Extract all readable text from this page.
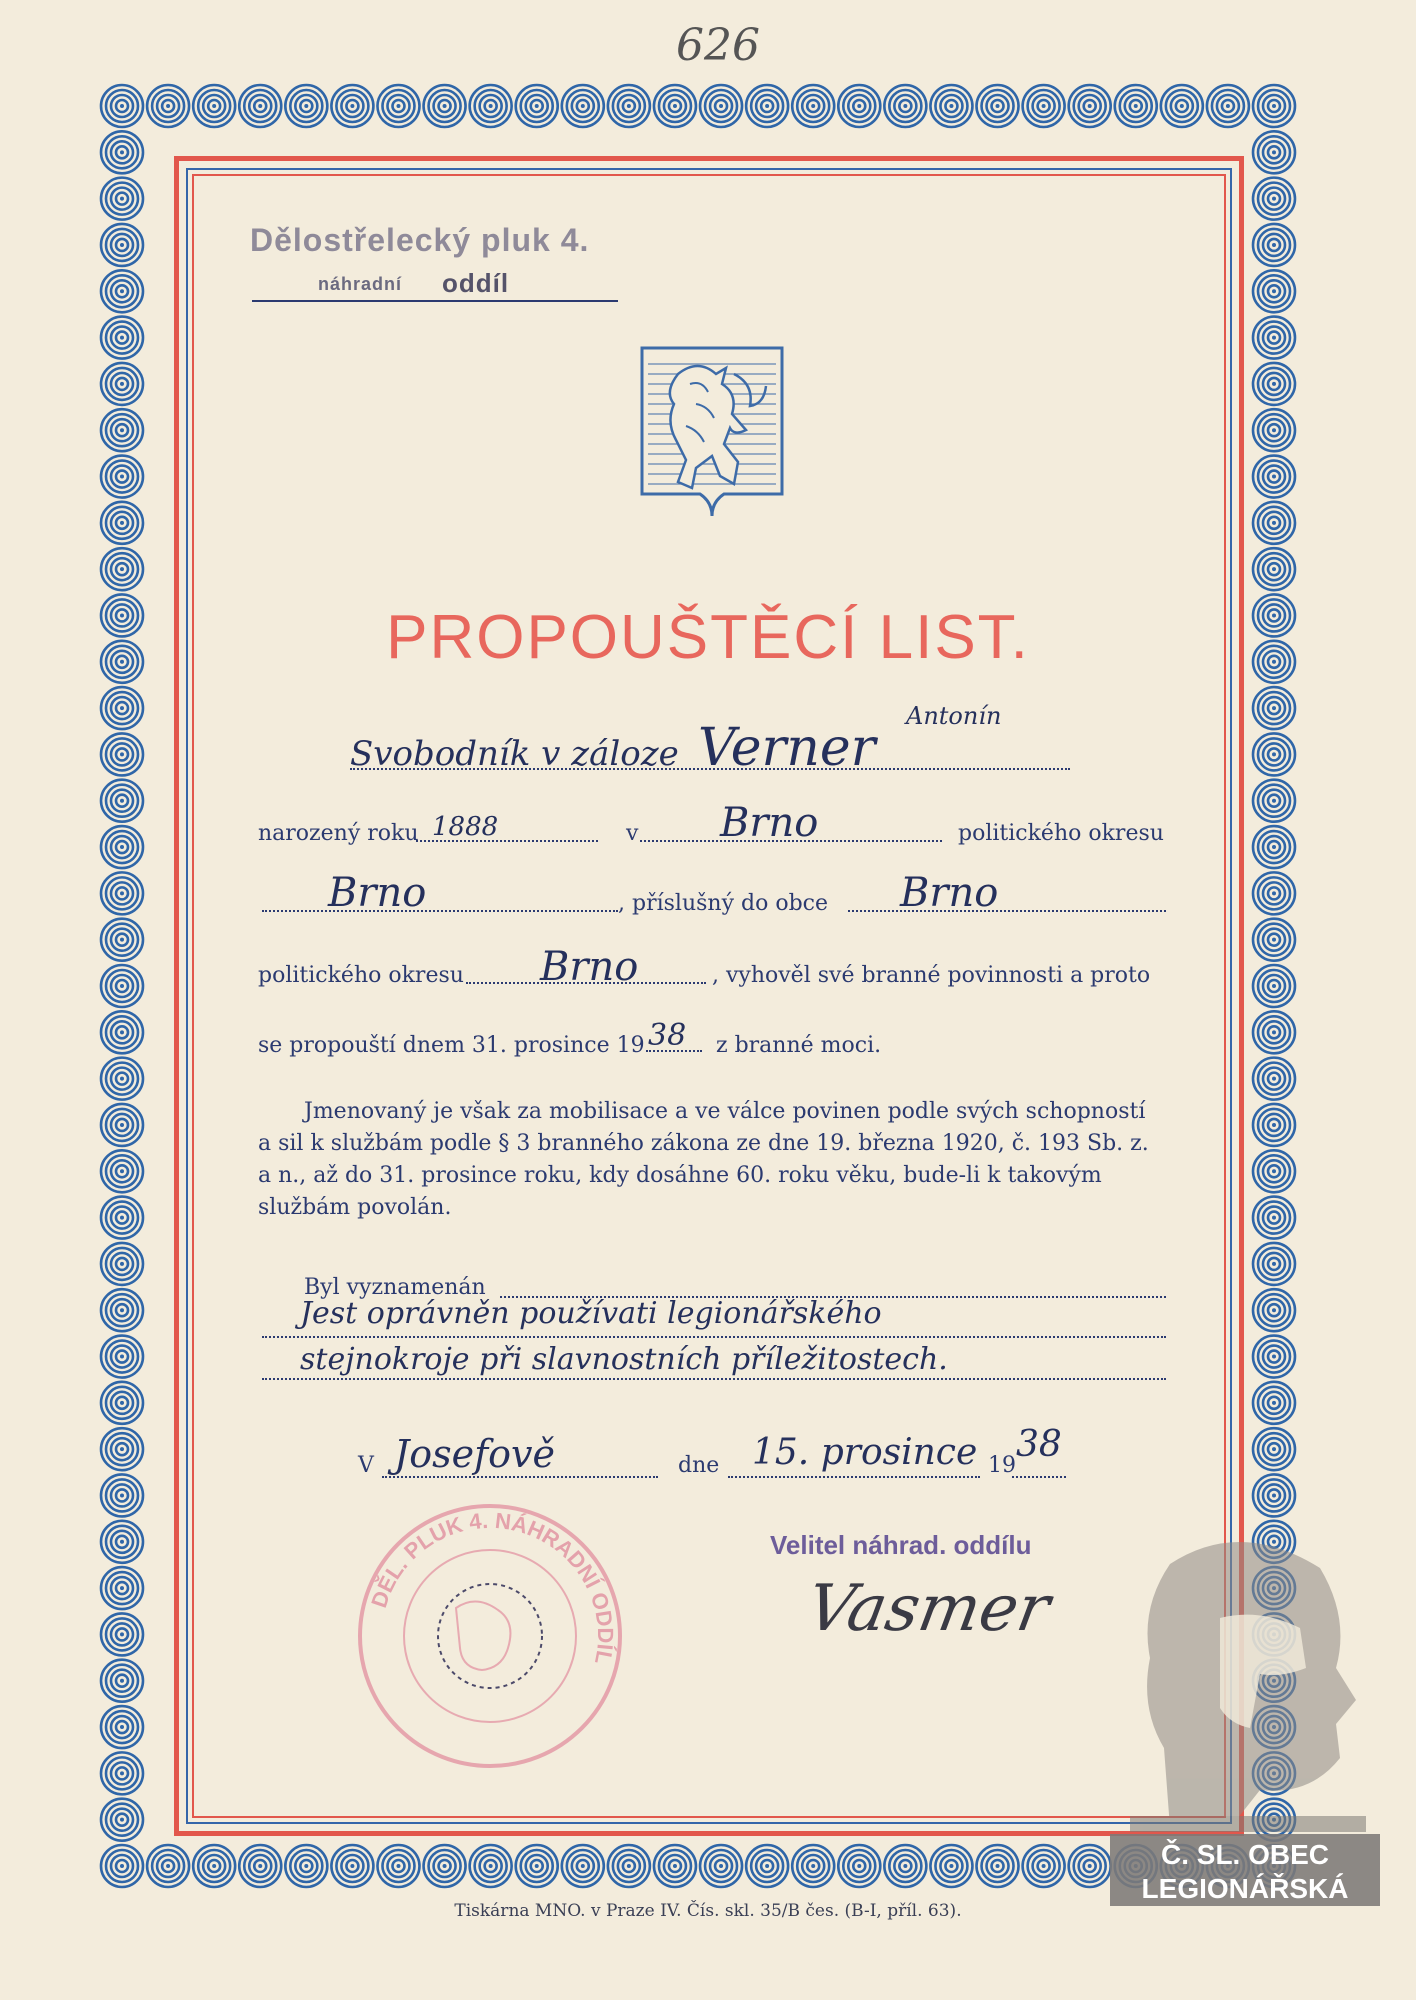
626
Dělostřelecký pluk 4.
náhradní oddíl
PROPOUŠTĚCÍ LIST.
Svobodník v záloze Verner
Antonín
narozený roku 1888	v Brno	politického okresu
Brno	, příslušný do obce Brno
politického okresu Brno	, vyhověl své branné povinnosti a proto
se propouští dnem 31. prosince 19 38 z branné moci.
Jmenovaný je však za mobilisace a ve válce povinen podle svých schopností
a sil k službám podle § 3 branného zákona ze dne 19. března 1920, č. 193 Sb. z.
a n., až do 31. prosince roku, kdy dosáhne 60. roku věku, bude-li k takovým
službám povolán.
Byl vyznamenán
Jest oprávněn používati legionářského
stejnokroje při slavnostních příležitostech.
V Josefově	dne 15. prosince 19
38
Velitel náhrad. oddílu
Vasmer
DĚL. PLUK 4. NÁHRADNÍ ODDÍL
Č. SL. OBEC
LEGIONÁŘSKÁ
Tiskárna MNO. v Praze IV. Čís. skl. 35/B čes. (B-I, příl. 63).
